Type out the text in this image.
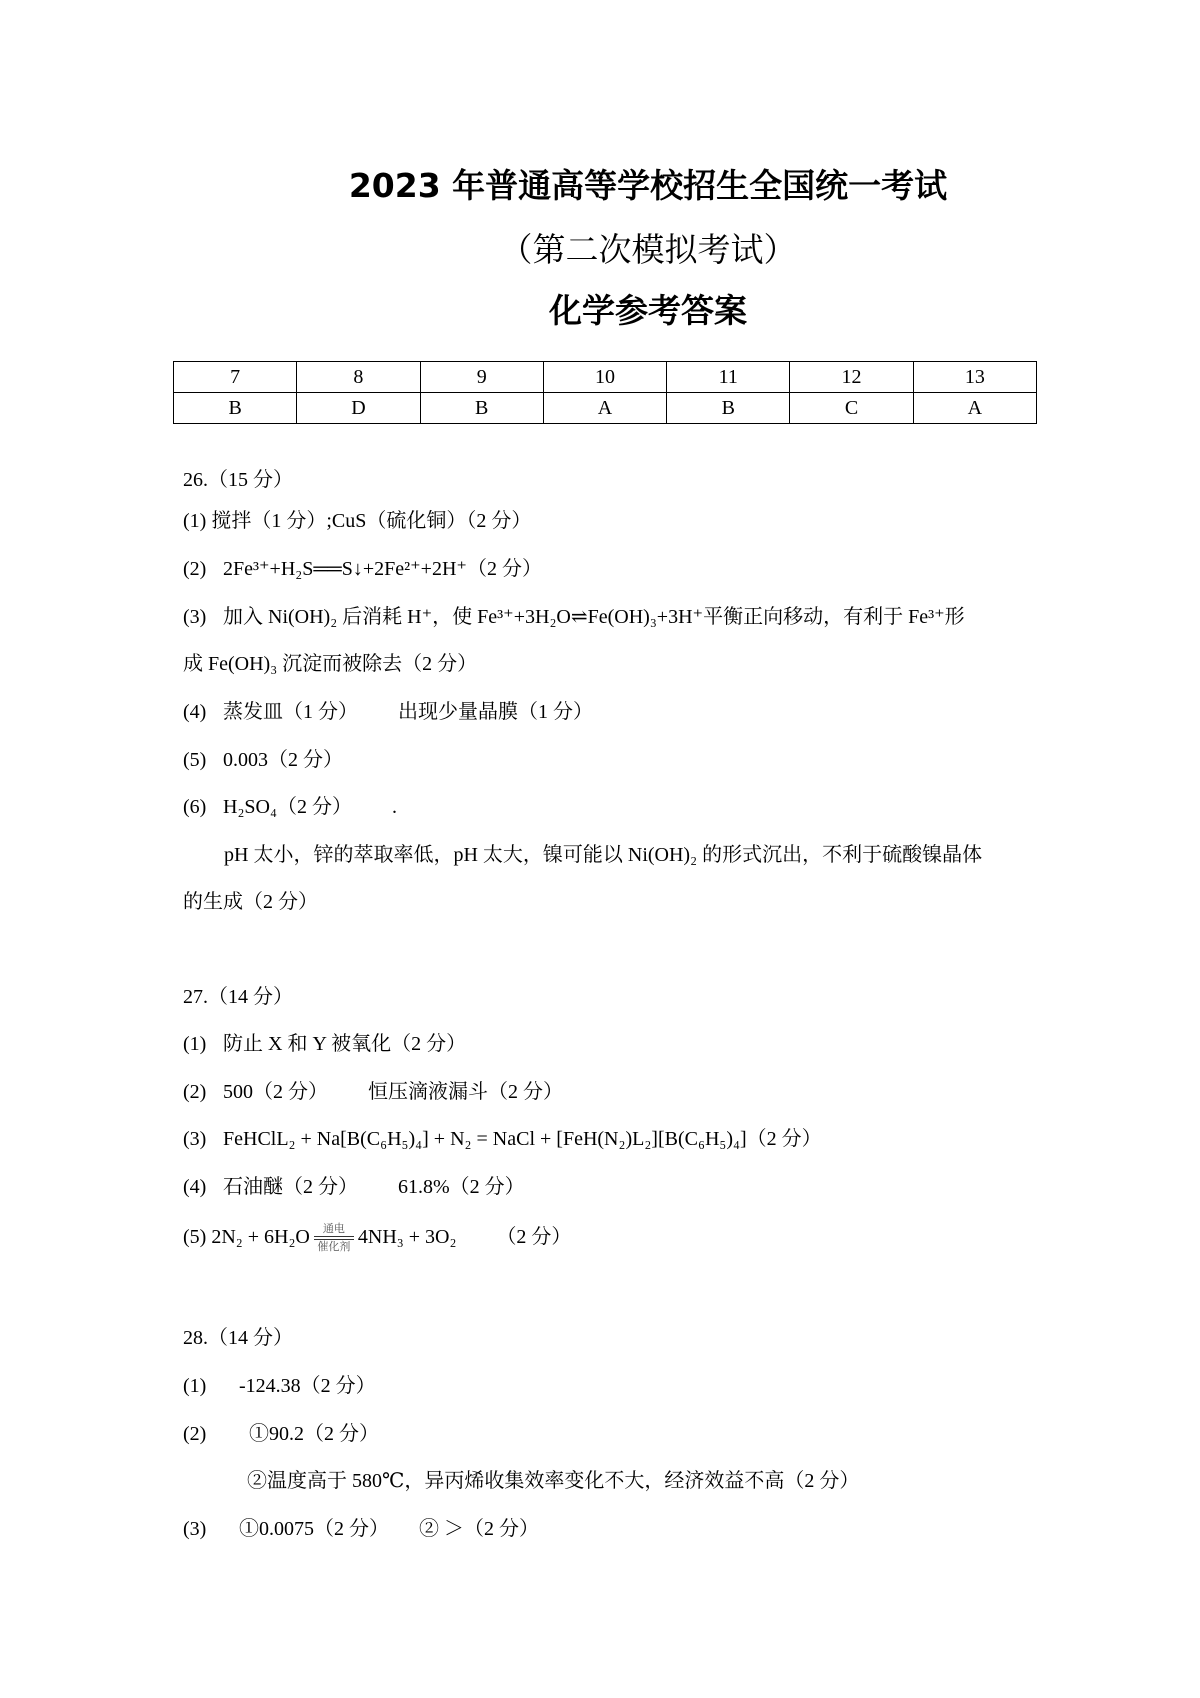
2023 年普通高等学校招生全国统一考试
（第二次模拟考试）
化学参考答案
7	8	9	10	11	12	13
B	D	B	A	B	C	A
26.（15 分）
(1) 搅拌（1 分）;CuS（硫化铜）（2 分）
(2) 2Fe³⁺+H₂S══S↓+2Fe²⁺+2H⁺（2 分）
(3) 加入 Ni(OH)₂ 后消耗 H⁺，使 Fe³⁺+3H₂O⇌Fe(OH)₃+3H⁺平衡正向移动，有利于 Fe³⁺形
成 Fe(OH)₃ 沉淀而被除去（2 分）
(4) 蒸发皿（1 分） 出现少量晶膜（1 分）
(5) 0.003（2 分）
(6) H₂SO₄（2 分） .
pH 太小，锌的萃取率低，pH 太大，镍可能以 Ni(OH)₂ 的形式沉出，不利于硫酸镍晶体
的生成（2 分）
27.（14 分）
(1) 防止 X 和 Y 被氧化（2 分）
(2) 500（2 分） 恒压滴液漏斗（2 分）
(3) FeHClL₂ + Na[B(C₆H₅)₄] + N₂ = NaCl + [FeH(N₂)L₂][B(C₆H₅)₄]（2 分）
(4) 石油醚（2 分） 61.8%（2 分）
(5) $2N_2 + 6H_2O \frac{\text{通电}}{\text{催化剂}} 4NH_3 + 3O_2$ （2 分）
28.（14 分）
(1) -124.38（2 分）
(2) ①90.2（2 分）
②温度高于 580℃，异丙烯收集效率变化不大，经济效益不高（2 分）
(3) ①0.0075（2 分） ② ＞（2 分）
